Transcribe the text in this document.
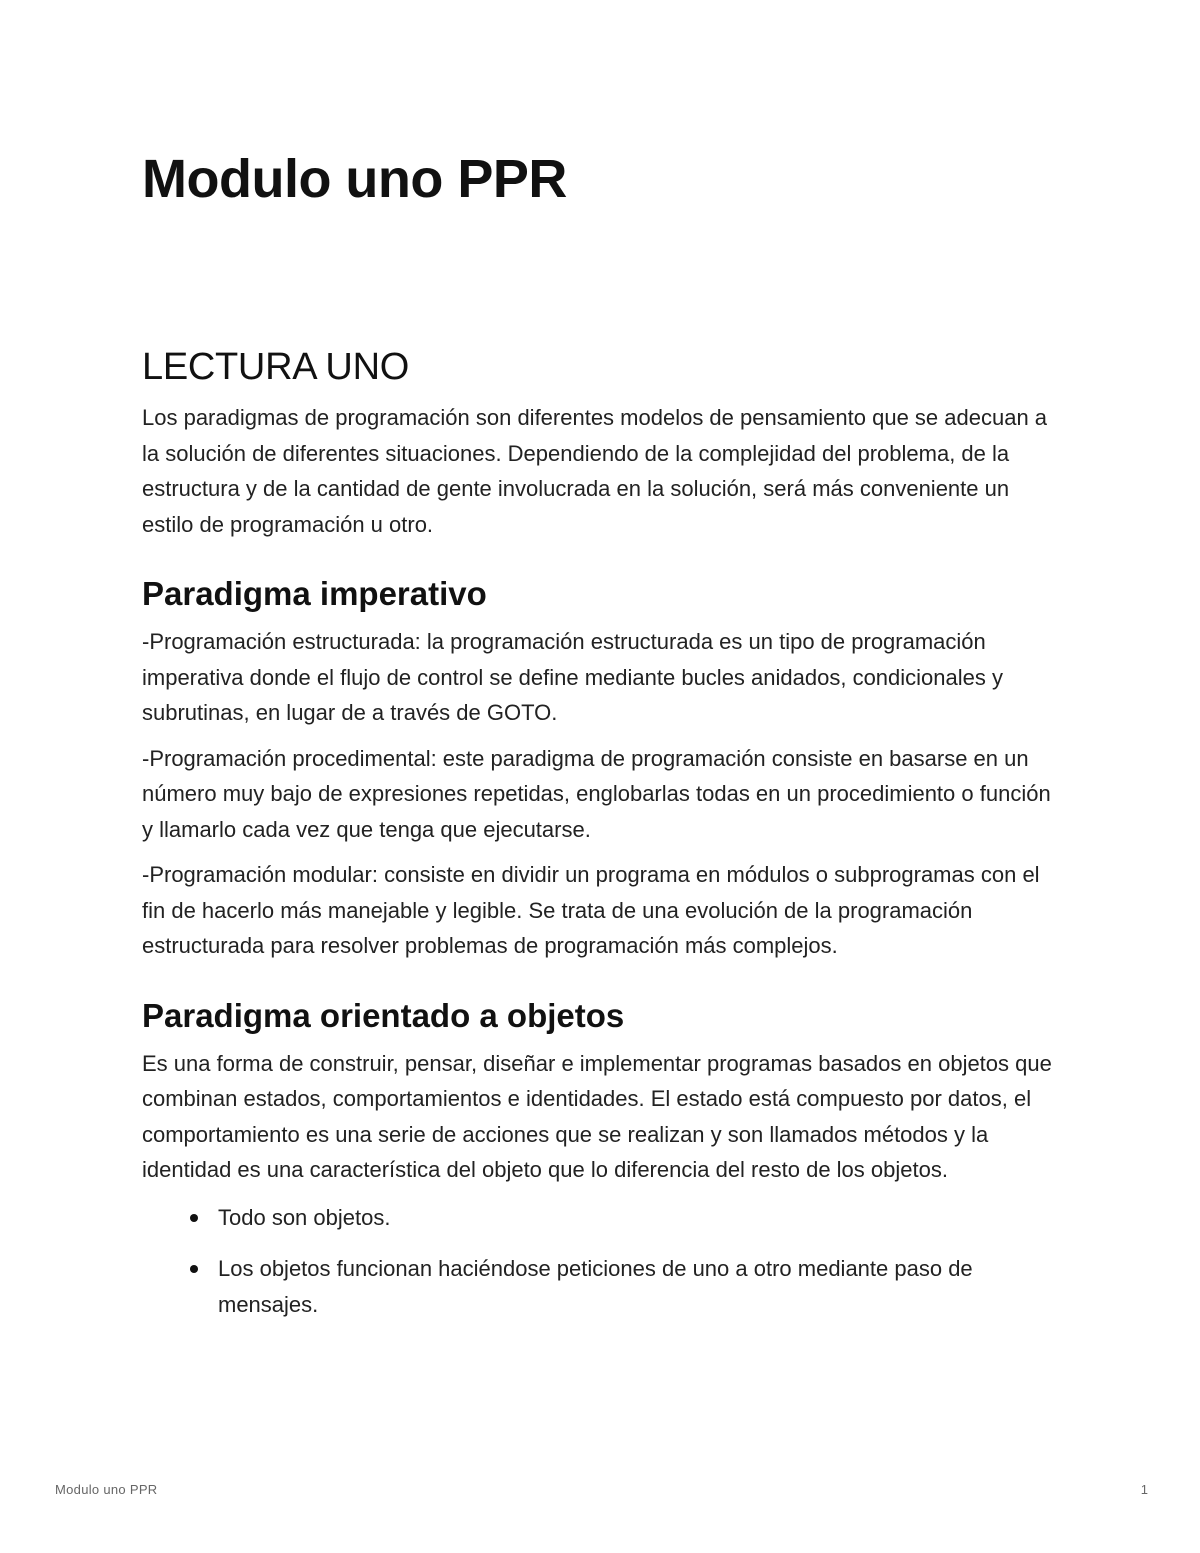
Modulo uno PPR
LECTURA UNO

Los paradigmas de programación son diferentes modelos de pensamiento que se adecuan a la solución de diferentes situaciones. Dependiendo de la complejidad del problema, de la estructura y de la cantidad de gente involucrada en la solución, será más conveniente un estilo de programación u otro.

Paradigma imperativo

-Programación estructurada: la programación estructurada es un tipo de programación imperativa donde el flujo de control se define mediante bucles anidados, condicionales y subrutinas, en lugar de a través de GOTO.

-Programación procedimental: este paradigma de programación consiste en basarse en un número muy bajo de expresiones repetidas, englobarlas todas en un procedimiento o función y llamarlo cada vez que tenga que ejecutarse.

-Programación modular: consiste en dividir un programa en módulos o subprogramas con el fin de hacerlo más manejable y legible. Se trata de una evolución de la programación estructurada para resolver problemas de programación más complejos.

Paradigma orientado a objetos

Es una forma de construir, pensar, diseñar e implementar programas basados en objetos que combinan estados, comportamientos e identidades. El estado está compuesto por datos, el comportamiento es una serie de acciones que se realizan y son llamados métodos y la identidad es una característica del objeto que lo diferencia del resto de los objetos.

Todo son objetos.
Los objetos funcionan haciéndose peticiones de uno a otro mediante paso de mensajes.
Modulo uno PPR	1
